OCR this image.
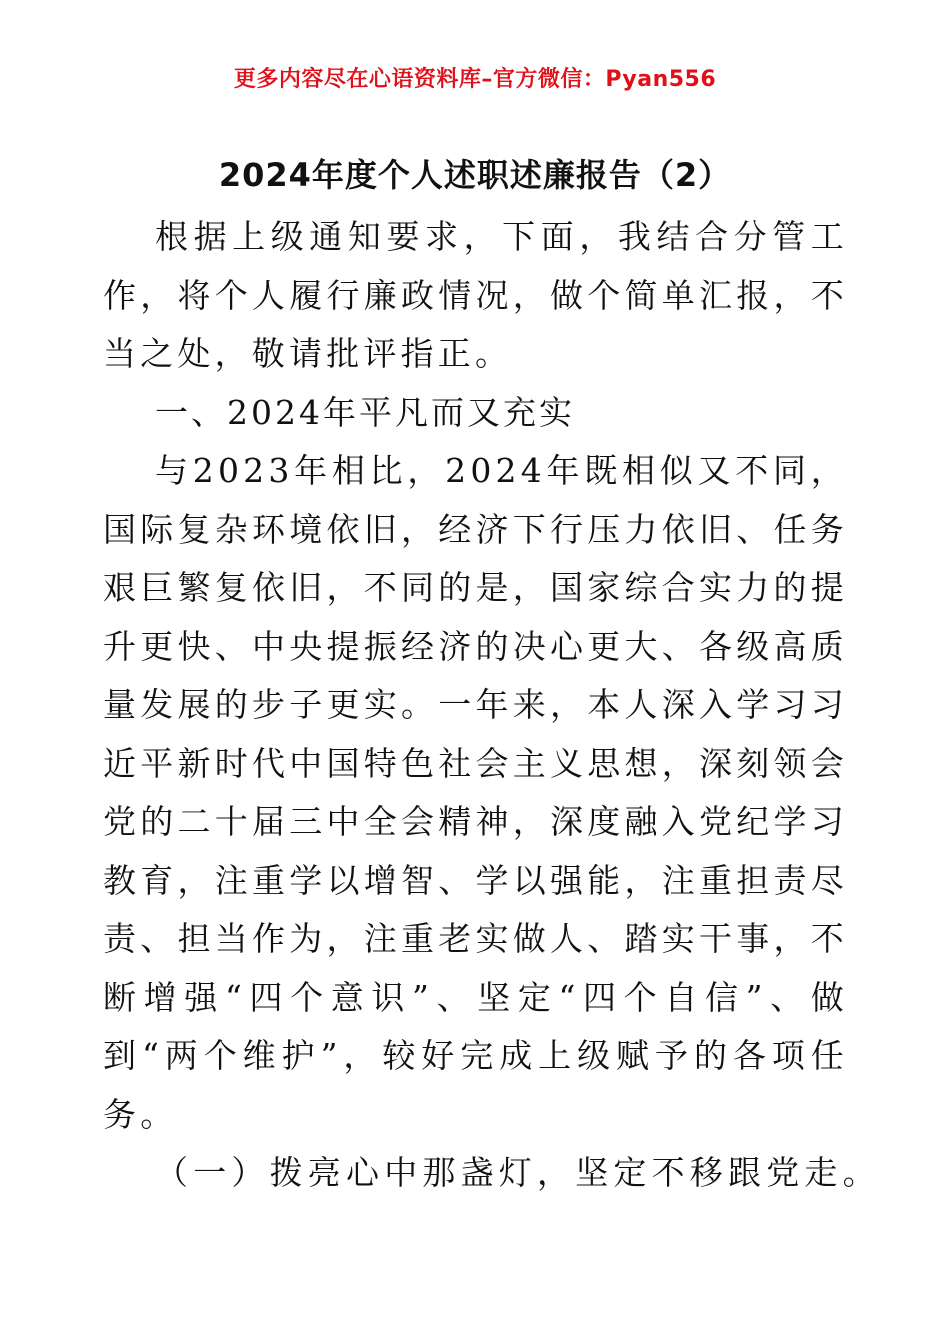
更多内容尽在心语资料库–官方微信：Pyan556
2024年度个人述职述廉报告（2）

根据上级通知要求，下面，我结合分管工作，将个人履行廉政情况，做个简单汇报，不当之处，敬请批评指正。

一、2024年平凡而又充实

与2023年相比，2024年既相似又不同，国际复杂环境依旧，经济下行压力依旧、任务艰巨繁复依旧，不同的是，国家综合实力的提升更快、中央提振经济的决心更大、各级高质量发展的步子更实。一年来，本人深入学习习近平新时代中国特色社会主义思想，深刻领会党的二十届三中全会精神，深度融入党纪学习教育，注重学以增智、学以强能，注重担责尽责、担当作为，注重老实做人、踏实干事，不断增强“四个意识”、坚定“四个自信”、做到“两个维护”，较好完成上级赋予的各项任务。

（一）拨亮心中那盏灯，坚定不移跟党走。
